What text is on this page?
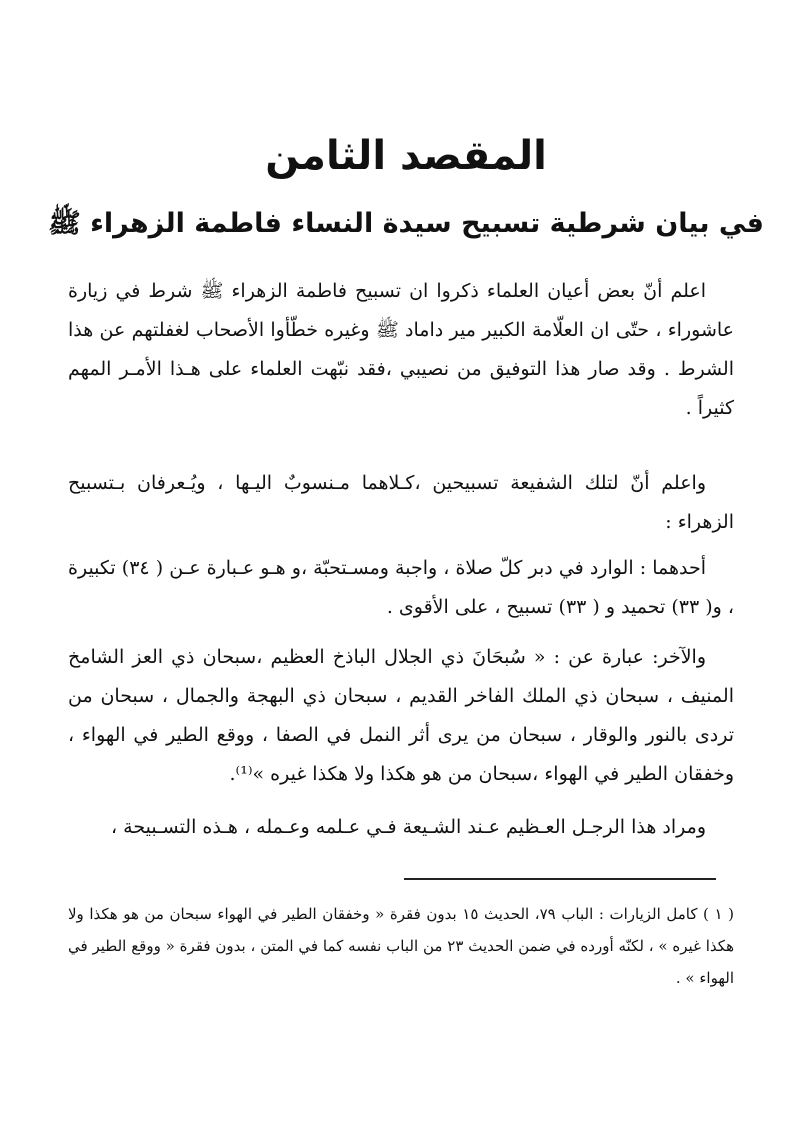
المقصد الثامن
في بيان شرطية تسبيح سيدة النساء فاطمة الزهراء ﷺ

اعلم أنّ بعض أعيان العلماء ذكروا ان تسبيح فاطمة الزهراء ﷺ شرط في زيارة عاشوراء ، حتّى ان العلّامة الكبير مير داماد ﷺ وغيره خطّأوا الأصحاب لغفلتهم عن هذا الشرط . وقد صار هذا التوفيق من نصيبي ،فقد نبّهت العلماء على هـذا الأمـر المهم كثيراً .

واعلم أنّ لتلك الشفيعة تسبيحين ،كـلاهما مـنسوبٌ اليـها ، ويُـعرفان بـتسبيح الزهراء :

أحدهما : الوارد في دبر كلّ صلاة ، واجبة ومسـتحبّة ،و هـو عـبارة عـن ( ٣٤) تكبيرة ، و( ٣٣) تحميد و ( ٣٣) تسبيح ، على الأقوى .

والآخر: عبارة عن : « سُبحَانَ ذي الجلال الباذخ العظيم ،سبحان ذي العز الشامخ المنيف ، سبحان ذي الملك الفاخر القديم ، سبحان ذي البهجة والجمال ، سبحان من تردى بالنور والوقار ، سبحان من يرى أثر النمل في الصفا ، ووقع الطير في الهواء ، وخفقان الطير في الهواء ،سبحان من هو هكذا ولا هكذا غيره »⁽¹⁾.

ومراد هذا الرجـل العـظيم عـند الشـيعة فـي عـلمه وعـمله ، هـذه التسـبيحة ،

( ١ ) كامل الزيارات : الباب ٧٩، الحديث ١٥ بدون فقرة « وخفقان الطير في الهواء سبحان من هو هكذا ولا هكذا غيره » ، لكنّه أورده في ضمن الحديث ٢٣ من الباب نفسه كما في المتن ، بدون فقرة « ووقع الطير في الهواء » .
